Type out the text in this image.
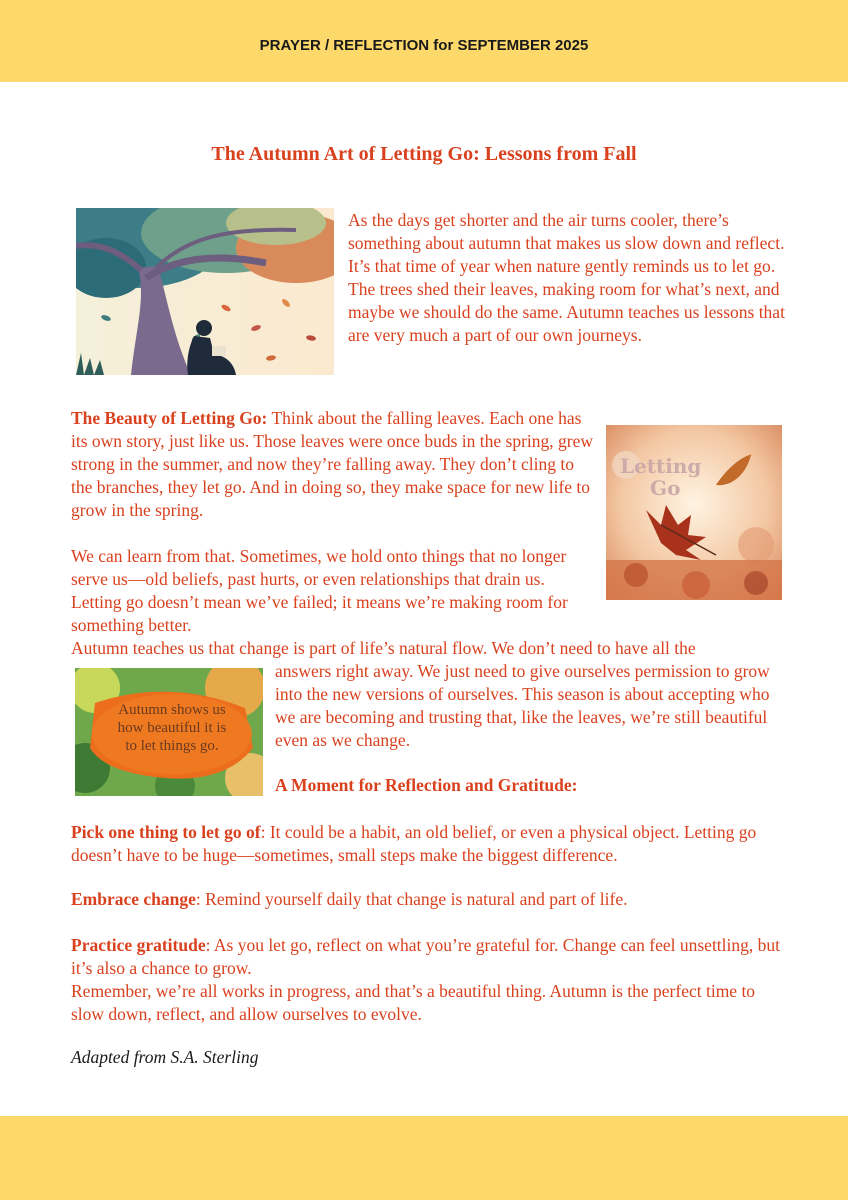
PRAYER / REFLECTION for SEPTEMBER 2025
The Autumn Art of Letting Go: Lessons from Fall

As the days get shorter and the air turns cooler, there’s something about autumn that makes us slow down and reflect. It’s that time of year when nature gently reminds us to let go. The trees shed their leaves, making room for what’s next, and maybe we should do the same. Autumn teaches us lessons that are very much a part of our own journeys.

The Beauty of Letting Go: Think about the falling leaves. Each one has its own story, just like us. Those leaves were once buds in the spring, grew strong in the summer, and now they’re falling away. They don’t cling to the branches, they let go. And in doing so, they make space for new life to grow in the spring.

Letting
Go

We can learn from that. Sometimes, we hold onto things that no longer serve us—old beliefs, past hurts, or even relationships that drain us. Letting go doesn’t mean we’ve failed; it means we’re making room for something better.

Autumn teaches us that change is part of life’s natural flow. We don’t need to have all the

Autumn shows us
how beautiful it is
to let things go.

answers right away. We just need to give ourselves permission to grow into the new versions of ourselves. This season is about accepting who we are becoming and trusting that, like the leaves, we’re still beautiful even as we change.

A Moment for Reflection and Gratitude:

Pick one thing to let go of: It could be a habit, an old belief, or even a physical object. Letting go doesn’t have to be huge—sometimes, small steps make the biggest difference.

Embrace change: Remind yourself daily that change is natural and part of life.

Practice gratitude: As you let go, reflect on what you’re grateful for. Change can feel unsettling, but it’s also a chance to grow.

Remember, we’re all works in progress, and that’s a beautiful thing. Autumn is the perfect time to slow down, reflect, and allow ourselves to evolve.

Adapted from S.A. Sterling
